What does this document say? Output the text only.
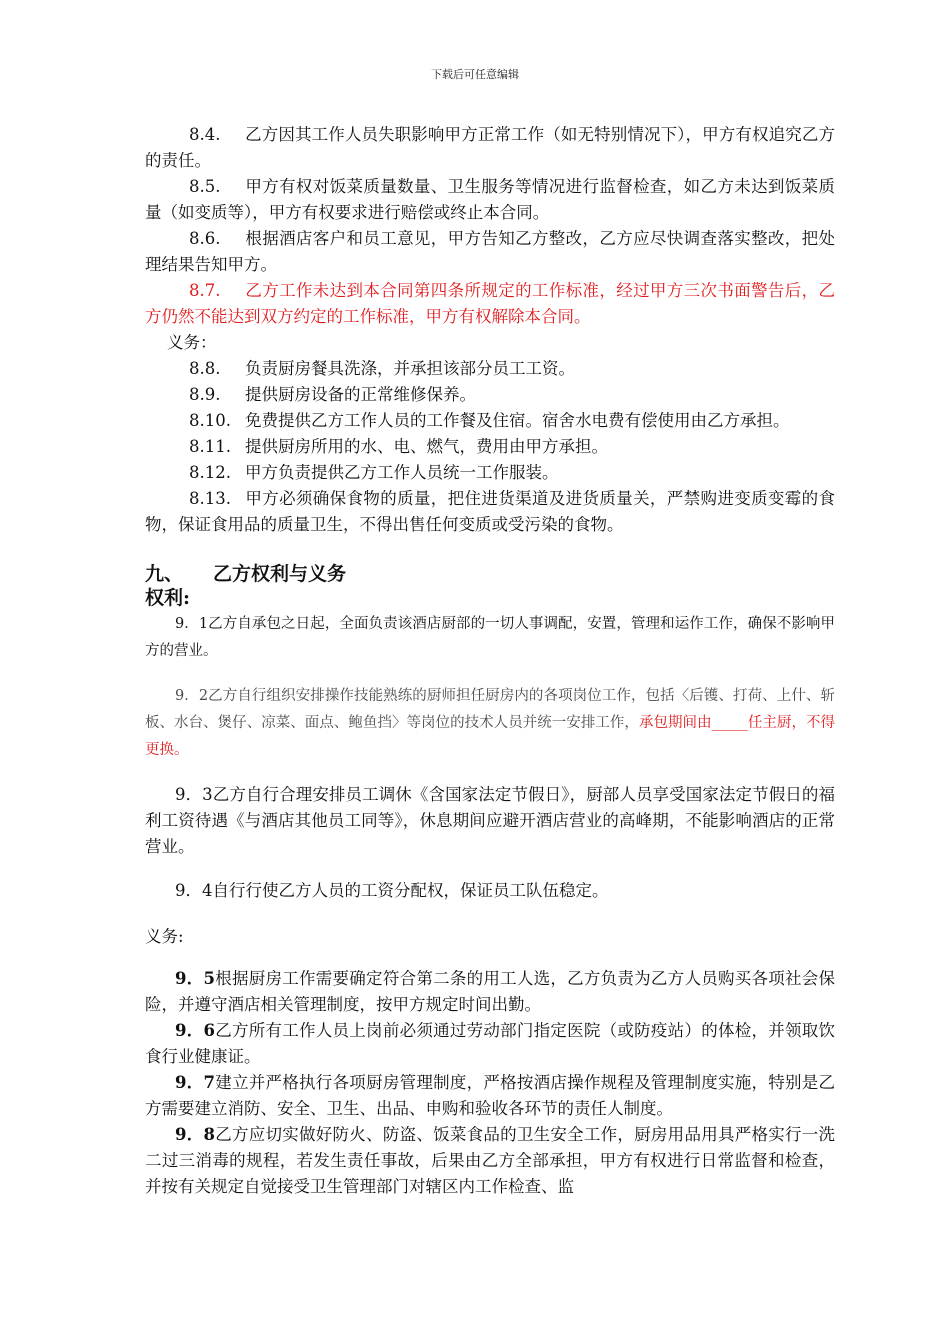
下载后可任意编辑

8.4. 乙方因其工作人员失职影响甲方正常工作（如无特别情况下），甲方有权追究乙方的责任。

8.5. 甲方有权对饭菜质量数量、卫生服务等情况进行监督检查，如乙方未达到饭菜质量（如变质等），甲方有权要求进行赔偿或终止本合同。

8.6. 根据酒店客户和员工意见，甲方告知乙方整改，乙方应尽快调查落实整改，把处理结果告知甲方。

8.7. 乙方工作未达到本合同第四条所规定的工作标准，经过甲方三次书面警告后，乙方仍然不能达到双方约定的工作标准，甲方有权解除本合同。

义务：

8.8. 负责厨房餐具洗涤，并承担该部分员工工资。

8.9. 提供厨房设备的正常维修保养。

8.10. 免费提供乙方工作人员的工作餐及住宿。宿舍水电费有偿使用由乙方承担。

8.11. 提供厨房所用的水、电、燃气，费用由甲方承担。

8.12. 甲方负责提供乙方工作人员统一工作服装。

8.13. 甲方必须确保食物的质量，把住进货渠道及进货质量关，严禁购进变质变霉的食物，保证食用品的质量卫生，不得出售任何变质或受污染的食物。

九、 乙方权利与义务

权利:

9．1乙方自承包之日起，全面负责该酒店厨部的一切人事调配，安置，管理和运作工作，确保不影响甲方的营业。

9．2乙方自行组织安排操作技能熟练的厨师担任厨房内的各项岗位工作，包括〈后镬、打荷、上什、斩板、水台、煲仔、凉菜、面点、鲍鱼挡〉等岗位的技术人员并统一安排工作，承包期间由_____任主厨，不得更换。

9．3乙方自行合理安排员工调休《含国家法定节假日》，厨部人员享受国家法定节假日的福利工资待遇《与酒店其他员工同等》，休息期间应避开酒店营业的高峰期，不能影响酒店的正常营业。

9．4自行行使乙方人员的工资分配权，保证员工队伍稳定。

义务:

9．5根据厨房工作需要确定符合第二条的用工人选，乙方负责为乙方人员购买各项社会保险，并遵守酒店相关管理制度，按甲方规定时间出勤。

9．6乙方所有工作人员上岗前必须通过劳动部门指定医院（或防疫站）的体检，并领取饮食行业健康证。

9．7建立并严格执行各项厨房管理制度，严格按酒店操作规程及管理制度实施，特别是乙方需要建立消防、安全、卫生、出品、申购和验收各环节的责任人制度。

9．8乙方应切实做好防火、防盗、饭菜食品的卫生安全工作，厨房用品用具严格实行一洗二过三消毒的规程，若发生责任事故，后果由乙方全部承担，甲方有权进行日常监督和检查，并按有关规定自觉接受卫生管理部门对辖区内工作检查、监
